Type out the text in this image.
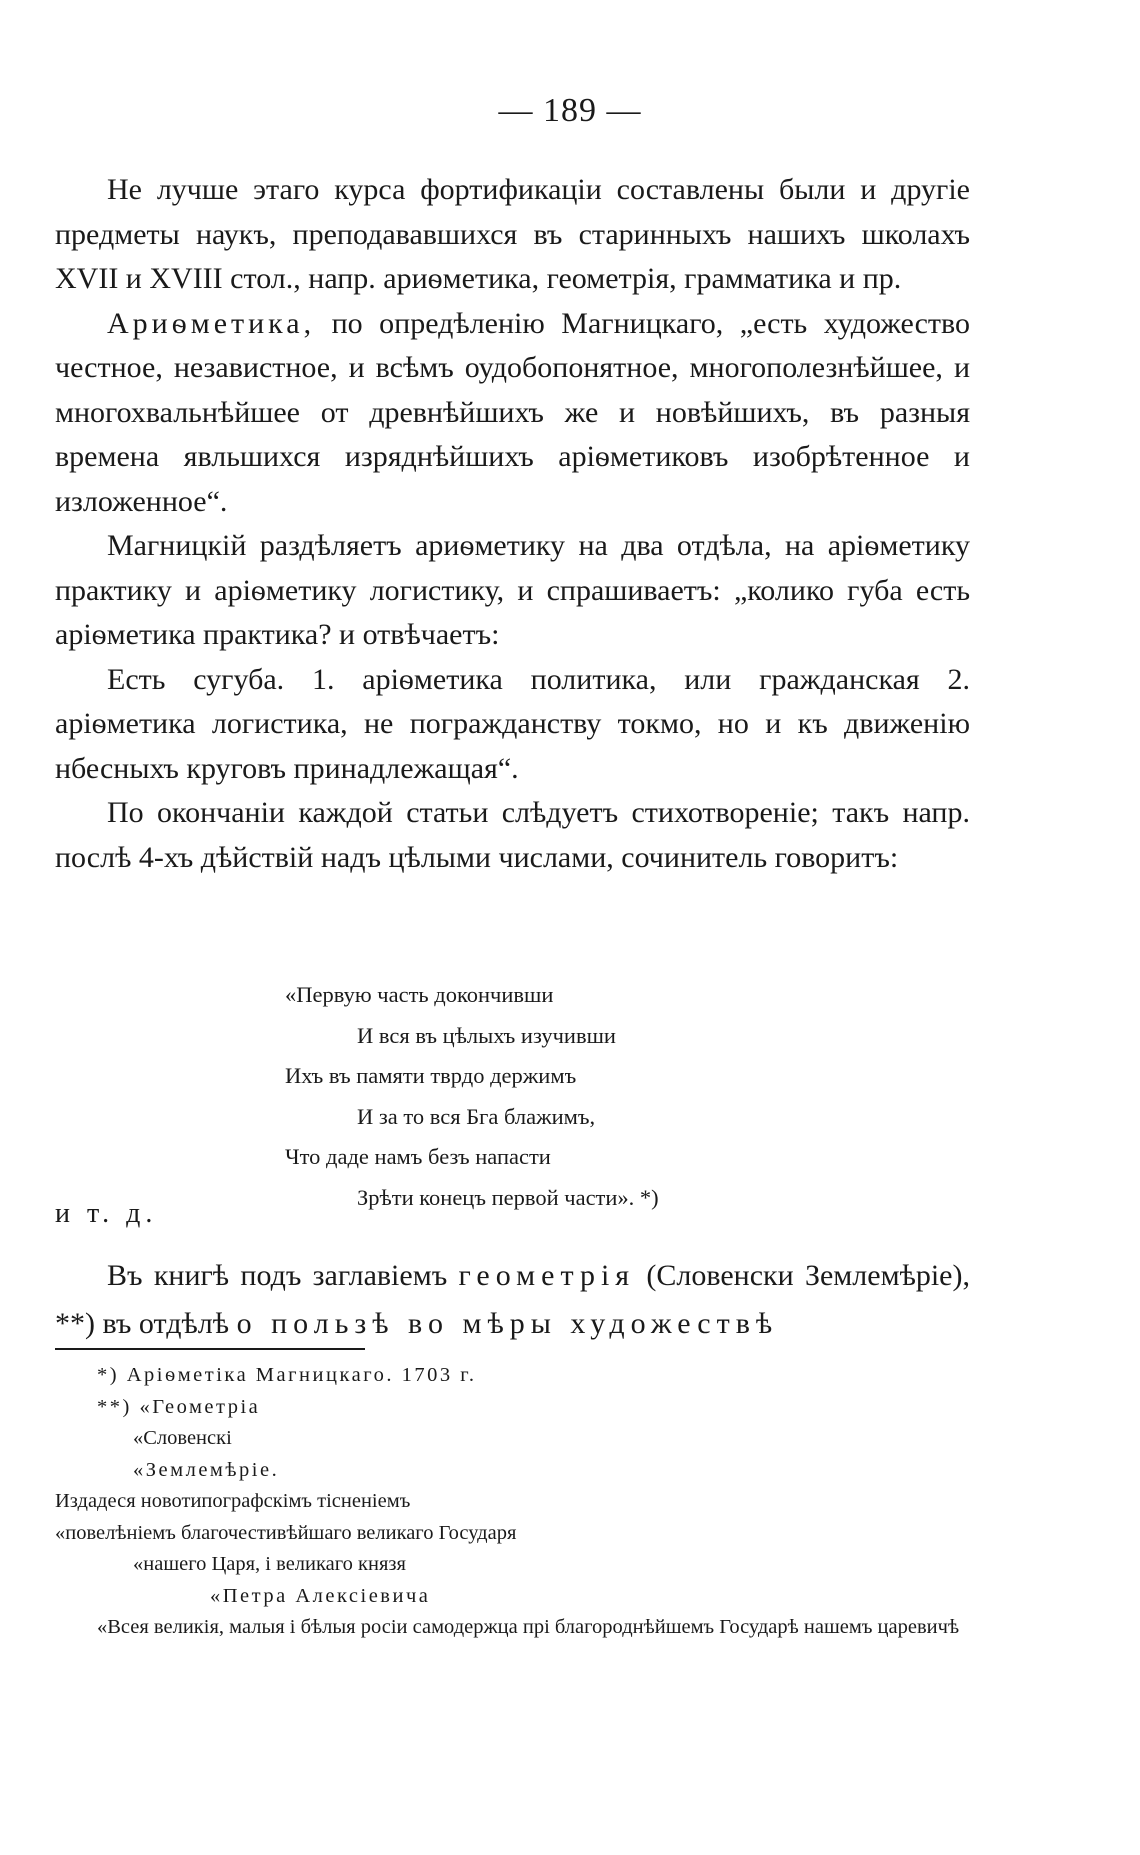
— 189 —

Не лучше этаго курса фортификацiи составлены были и другiе предметы наукъ, преподававшихся въ старинныхъ нашихъ школахъ XVII и XVIII стол., напр. ариѳметика, геометрiя, грамматика и пр.

Ариѳметика, по опредѣленiю Магницкаго, „есть художество честное, независтное, и всѣмъ оудобопонятное, многополезнѣйшее, и многохвальнѣйшее от древнѣйшихъ же и новѣйшихъ, въ разныя времена явльшихся изряднѣйшихъ арiѳметиковъ изобрѣтенное и изложенное“.

Магницкiй раздѣляетъ ариѳметику на два отдѣла, на арiѳметику практику и арiѳметику логистику, и спрашиваетъ: „колико губа есть арiѳметика практика? и отвѣчаетъ:

Есть сугуба. 1. арiѳметика политика, или гражданская 2. арiѳметика логистика, не погражданству токмо, но и къ движенiю нбесныхъ круговъ принадлежащая“.

По окончанiи каждой статьи слѣдуетъ стихотворенiе; такъ напр. послѣ 4-хъ дѣйствiй надъ цѣлыми числами, сочинитель говоритъ:

«Первую часть докончивши
И вся въ цѣлыхъ изучивши
Ихъ въ памяти тврдо держимъ
И за то вся Бга блажимъ,
Что даде намъ безъ напасти
Зрѣти конецъ первой части». *)
и т. д.

Въ книгѣ подъ заглавiемъ геометрiя (Словенски Землемѣрiе), **) въ отдѣлѣ о пользѣ во мѣры художествѣ

*) Арiѳметiка Магницкаго. 1703 г.
**) «Геометрiа
«Словенскi
«Землемѣрiе.
Издадеся новотипографскiмъ тiсненiемъ
«повелѣнiемъ благочестивѣйшаго великаго Государя
«нашего Царя, i великаго князя
«Петра Алексiевича
«Всея великiя, малыя i бѣлыя росiи самодержца прi благороднѣйшемъ Государѣ нашемъ царевичѣ
